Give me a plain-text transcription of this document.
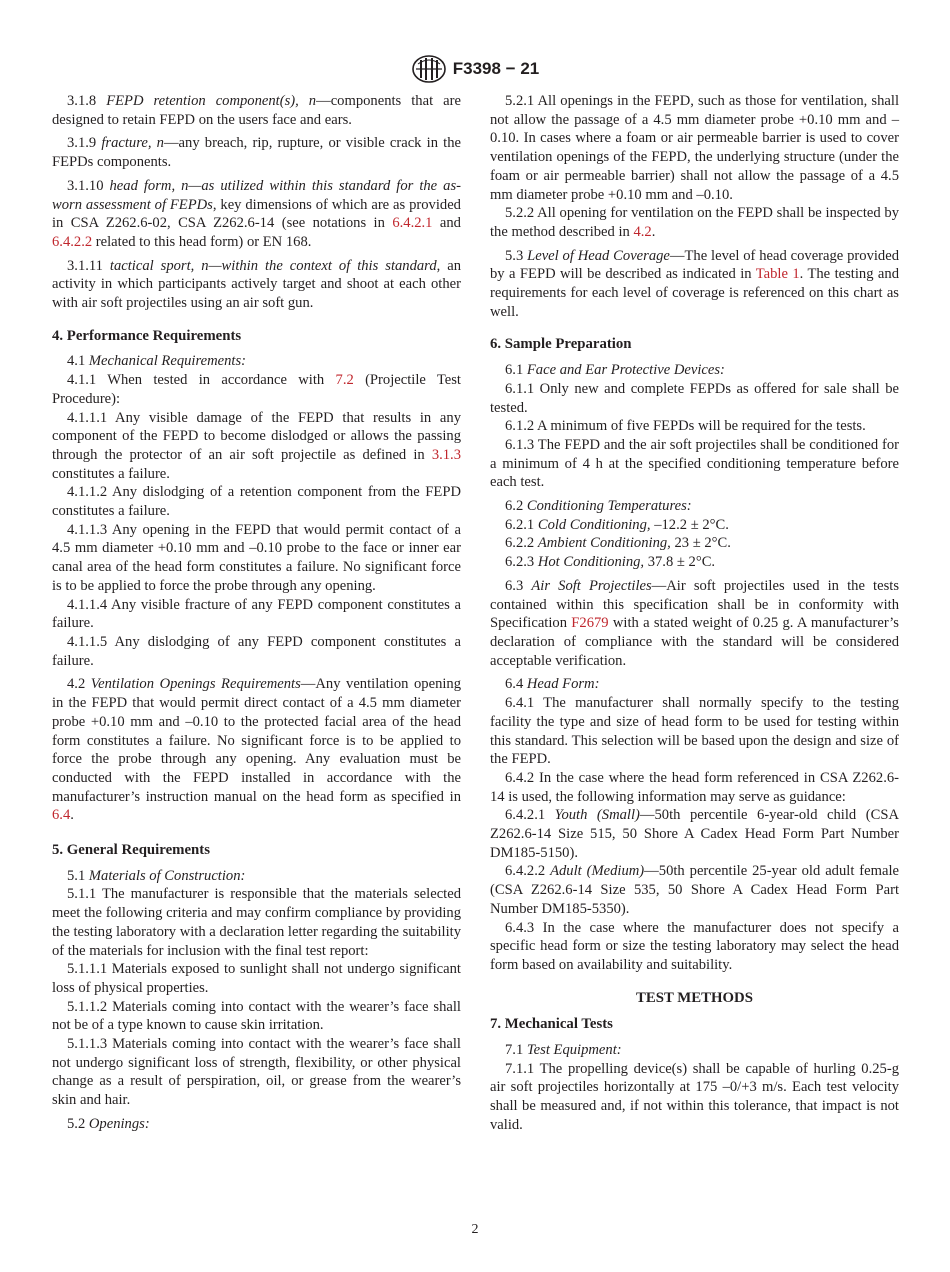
F3398 − 21

3.1.8 FEPD retention component(s), n—components that are designed to retain FEPD on the users face and ears.

3.1.9 fracture, n—any breach, rip, rupture, or visible crack in the FEPDs components.

3.1.10 head form, n—as utilized within this standard for the as-worn assessment of FEPDs, key dimensions of which are as provided in CSA Z262.6-02, CSA Z262.6-14 (see notations in 6.4.2.1 and 6.4.2.2 related to this head form) or EN 168.

3.1.11 tactical sport, n—within the context of this standard, an activity in which participants actively target and shoot at each other with air soft projectiles using an air soft gun.

4. Performance Requirements

4.1 Mechanical Requirements:

4.1.1 When tested in accordance with 7.2 (Projectile Test Procedure):

4.1.1.1 Any visible damage of the FEPD that results in any component of the FEPD to become dislodged or allows the passing through the protector of an air soft projectile as defined in 3.1.3 constitutes a failure.

4.1.1.2 Any dislodging of a retention component from the FEPD constitutes a failure.

4.1.1.3 Any opening in the FEPD that would permit contact of a 4.5 mm diameter +0.10 mm and –0.10 probe to the face or inner ear canal area of the head form constitutes a failure. No significant force is to be applied to force the probe through any opening.

4.1.1.4 Any visible fracture of any FEPD component constitutes a failure.

4.1.1.5 Any dislodging of any FEPD component constitutes a failure.

4.2 Ventilation Openings Requirements—Any ventilation opening in the FEPD that would permit direct contact of a 4.5 mm diameter probe +0.10 mm and –0.10 to the protected facial area of the head form constitutes a failure. No significant force is to be applied to force the probe through any opening. Any evaluation must be conducted with the FEPD installed in accordance with the manufacturer’s instruction manual on the head form as specified in 6.4.

5. General Requirements

5.1 Materials of Construction:

5.1.1 The manufacturer is responsible that the materials selected meet the following criteria and may confirm compliance by providing the testing laboratory with a declaration letter regarding the suitability of the materials for inclusion with the final test report:

5.1.1.1 Materials exposed to sunlight shall not undergo significant loss of physical properties.

5.1.1.2 Materials coming into contact with the wearer’s face shall not be of a type known to cause skin irritation.

5.1.1.3 Materials coming into contact with the wearer’s face shall not undergo significant loss of strength, flexibility, or other physical change as a result of perspiration, oil, or grease from the wearer’s skin and hair.

5.2 Openings:

5.2.1 All openings in the FEPD, such as those for ventilation, shall not allow the passage of a 4.5 mm diameter probe +0.10 mm and –0.10. In cases where a foam or air permeable barrier is used to cover ventilation openings of the FEPD, the underlying structure (under the foam or air permeable barrier) shall not allow the passage of a 4.5 mm diameter probe +0.10 mm and –0.10.

5.2.2 All opening for ventilation on the FEPD shall be inspected by the method described in 4.2.

5.3 Level of Head Coverage—The level of head coverage provided by a FEPD will be described as indicated in Table 1. The testing and requirements for each level of coverage is referenced on this chart as well.

6. Sample Preparation

6.1 Face and Ear Protective Devices:

6.1.1 Only new and complete FEPDs as offered for sale shall be tested.

6.1.2 A minimum of five FEPDs will be required for the tests.

6.1.3 The FEPD and the air soft projectiles shall be conditioned for a minimum of 4 h at the specified conditioning temperature before each test.

6.2 Conditioning Temperatures:

6.2.1 Cold Conditioning, –12.2 ± 2°C.

6.2.2 Ambient Conditioning, 23 ± 2°C.

6.2.3 Hot Conditioning, 37.8 ± 2°C.

6.3 Air Soft Projectiles—Air soft projectiles used in the tests contained within this specification shall be in conformity with Specification F2679 with a stated weight of 0.25 g. A manufacturer’s declaration of compliance with the standard will be considered acceptable verification.

6.4 Head Form:

6.4.1 The manufacturer shall normally specify to the testing facility the type and size of head form to be used for testing within this standard. This selection will be based upon the design and size of the FEPD.

6.4.2 In the case where the head form referenced in CSA Z262.6-14 is used, the following information may serve as guidance:

6.4.2.1 Youth (Small)—50th percentile 6-year-old child (CSA Z262.6-14 Size 515, 50 Shore A Cadex Head Form Part Number DM185-5150).

6.4.2.2 Adult (Medium)—50th percentile 25-year old adult female (CSA Z262.6-14 Size 535, 50 Shore A Cadex Head Form Part Number DM185-5350).

6.4.3 In the case where the manufacturer does not specify a specific head form or size the testing laboratory may select the head form based on availability and suitability.

TEST METHODS
7. Mechanical Tests

7.1 Test Equipment:

7.1.1 The propelling device(s) shall be capable of hurling 0.25-g air soft projectiles horizontally at 175 –0/+3 m/s. Each test velocity shall be measured and, if not within this tolerance, that impact is not valid.

2
